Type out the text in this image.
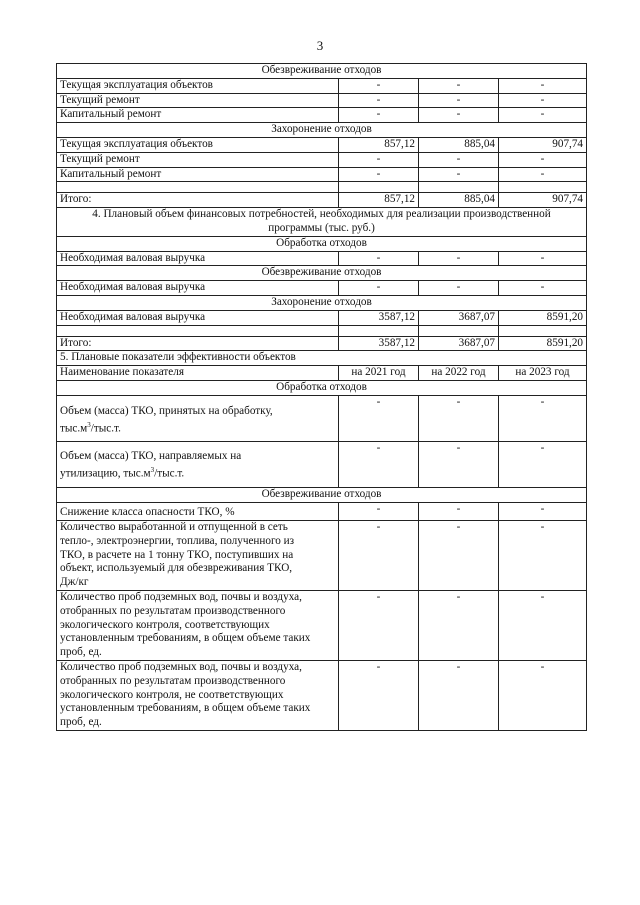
3
Обезвреживание отходов			
Текущая эксплуатация объектов	-	-	-
Текущий ремонт	-	-	-
Капитальный ремонт	-	-	-
Захоронение отходов			
Текущая эксплуатация объектов	857,12	885,04	907,74
Текущий ремонт	-	-	-
Капитальный ремонт	-	-	-

Итого:	857,12	885,04	907,74
4. Плановый объем финансовых потребностей, необходимых для реализации производственной программы (тыс. руб.)			
Обработка отходов			
Необходимая валовая выручка	-	-	-
Обезвреживание отходов			
Необходимая валовая выручка	-	-	-
Захоронение отходов			
Необходимая валовая выручка	3587,12	3687,07	8591,20

Итого:	3587,12	3687,07	8591,20
5. Плановые показатели эффективности объектов			
Наименование показателя	на 2021 год	на 2022 год	на 2023 год
Обработка отходов			
Объем (масса) ТКО, принятых на обработку,
$тыс.м^3/тыс.т$.	-	-	-
Объем (масса) ТКО, направляемых на
утилизацию, $тыс.м^3/тыс.т$.	-	-	-
Обезвреживание отходов			
Снижение класса опасности ТКО, %	-	-	-
Количество выработанной и отпущенной в сеть тепло-, электроэнергии, топлива, полученного из ТКО, в расчете на 1 тонну ТКО, поступивших на объект, используемый для обезвреживания ТКО, Дж/кг	-	-	-
Количество проб подземных вод, почвы и воздуха, отобранных по результатам производственного экологического контроля, соответствующих установленным требованиям, в общем объеме таких проб, ед.	-	-	-
Количество проб подземных вод, почвы и воздуха, отобранных по результатам производственного экологического контроля, не соответствующих установленным требованиям, в общем объеме таких проб, ед.	-	-	-
